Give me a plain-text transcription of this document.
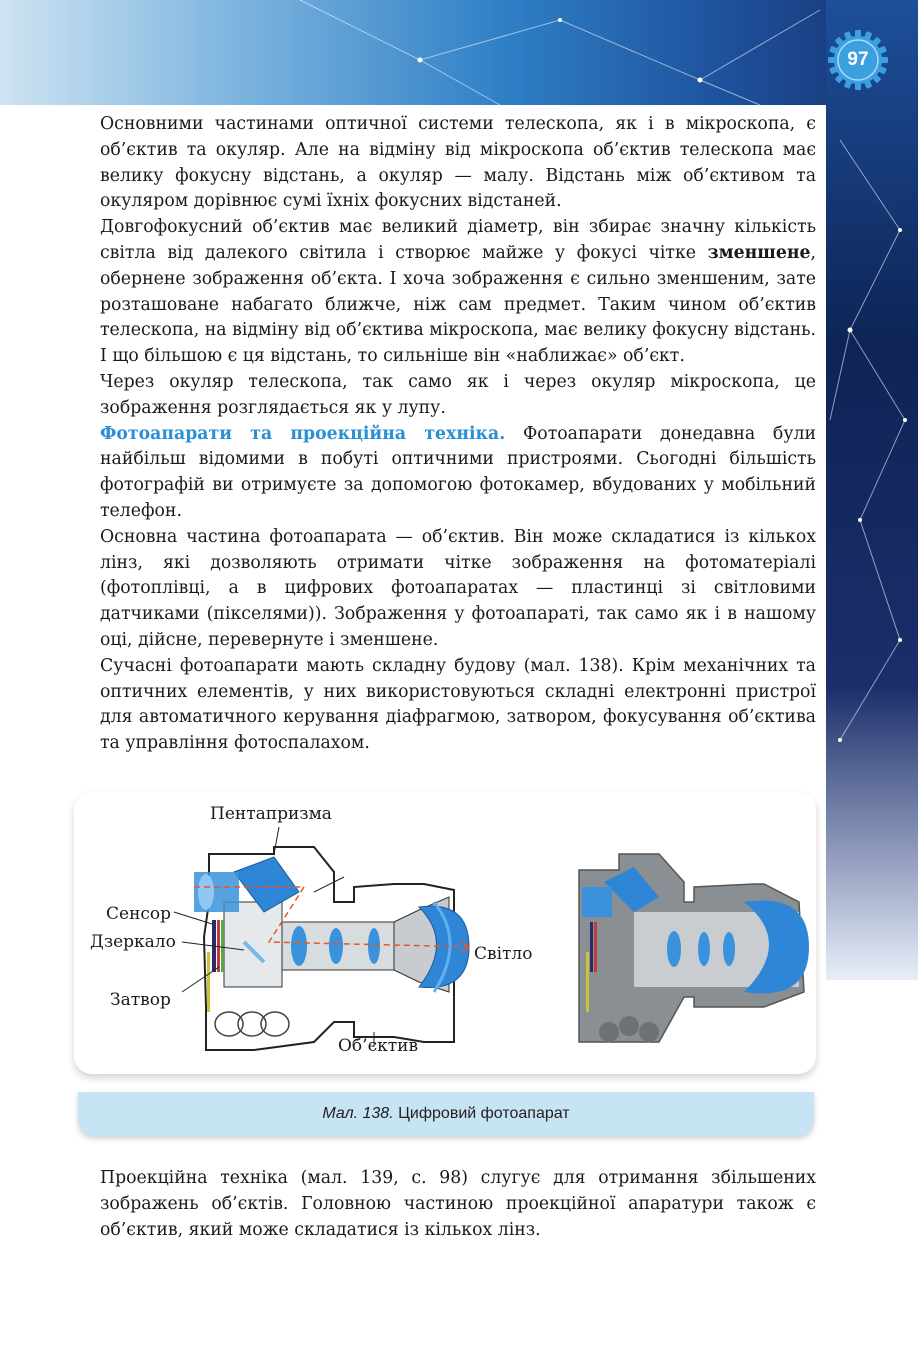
97

Основними частинами оптичної системи телескопа, як і в мікроскопа, є об’єктив та окуляр. Але на відміну від мікроскопа об’єктив телескопа має велику фокусну відстань, а окуляр — малу. Відстань між об’єктивом та окуляром дорівнює сумі їхніх фокусних відстаней.

Довгофокусний об’єктив має великий діаметр, він збирає значну кількість світла від далекого світила і створює майже у фокусі чітке зменшене, обернене зображення об’єкта. І хоча зображення є сильно зменшеним, зате розташоване набагато ближче, ніж сам предмет. Таким чином об’єктив телескопа, на відміну від об’єктива мікроскопа, має велику фокусну відстань. І що більшою є ця відстань, то сильніше він «наближає» об’єкт.

Через окуляр телескопа, так само як і через окуляр мікроскопа, це зображення розглядається як у лупу.

Фотоапарати та проекційна техніка. Фотоапарати донедавна були найбільш відомими в побуті оптичними пристроями. Сьогодні більшість фотографій ви отримуєте за допомогою фотокамер, вбудованих у мобільний телефон.

Основна частина фотоапарата — об’єктив. Він може складатися із кількох лінз, які дозволяють отримати чітке зображення на фотоматеріалі (фотоплівці, а в цифрових фотоапаратах — пластинці зі світловими датчиками (пікселями)). Зображення у фотоапараті, так само як і в нашому оці, дійсне, перевернуте і зменшене.

Сучасні фотоапарати мають складну будову (мал. 138). Крім механічних та оптичних елементів, у них використовуються складні електронні пристрої для автоматичного керування діафрагмою, затвором, фокусування об’єктива та управління фотоспалахом.

Пентапризма
Сенсор
Дзеркало
Затвор
Світло
Об’єктив
Мал. 138. Цифровий фотоапарат

Проекційна техніка (мал. 139, с. 98) слугує для отримання збільшених зображень об’єктів. Головною частиною проекційної апаратури також є об’єктив, який може складатися із кількох лінз.
